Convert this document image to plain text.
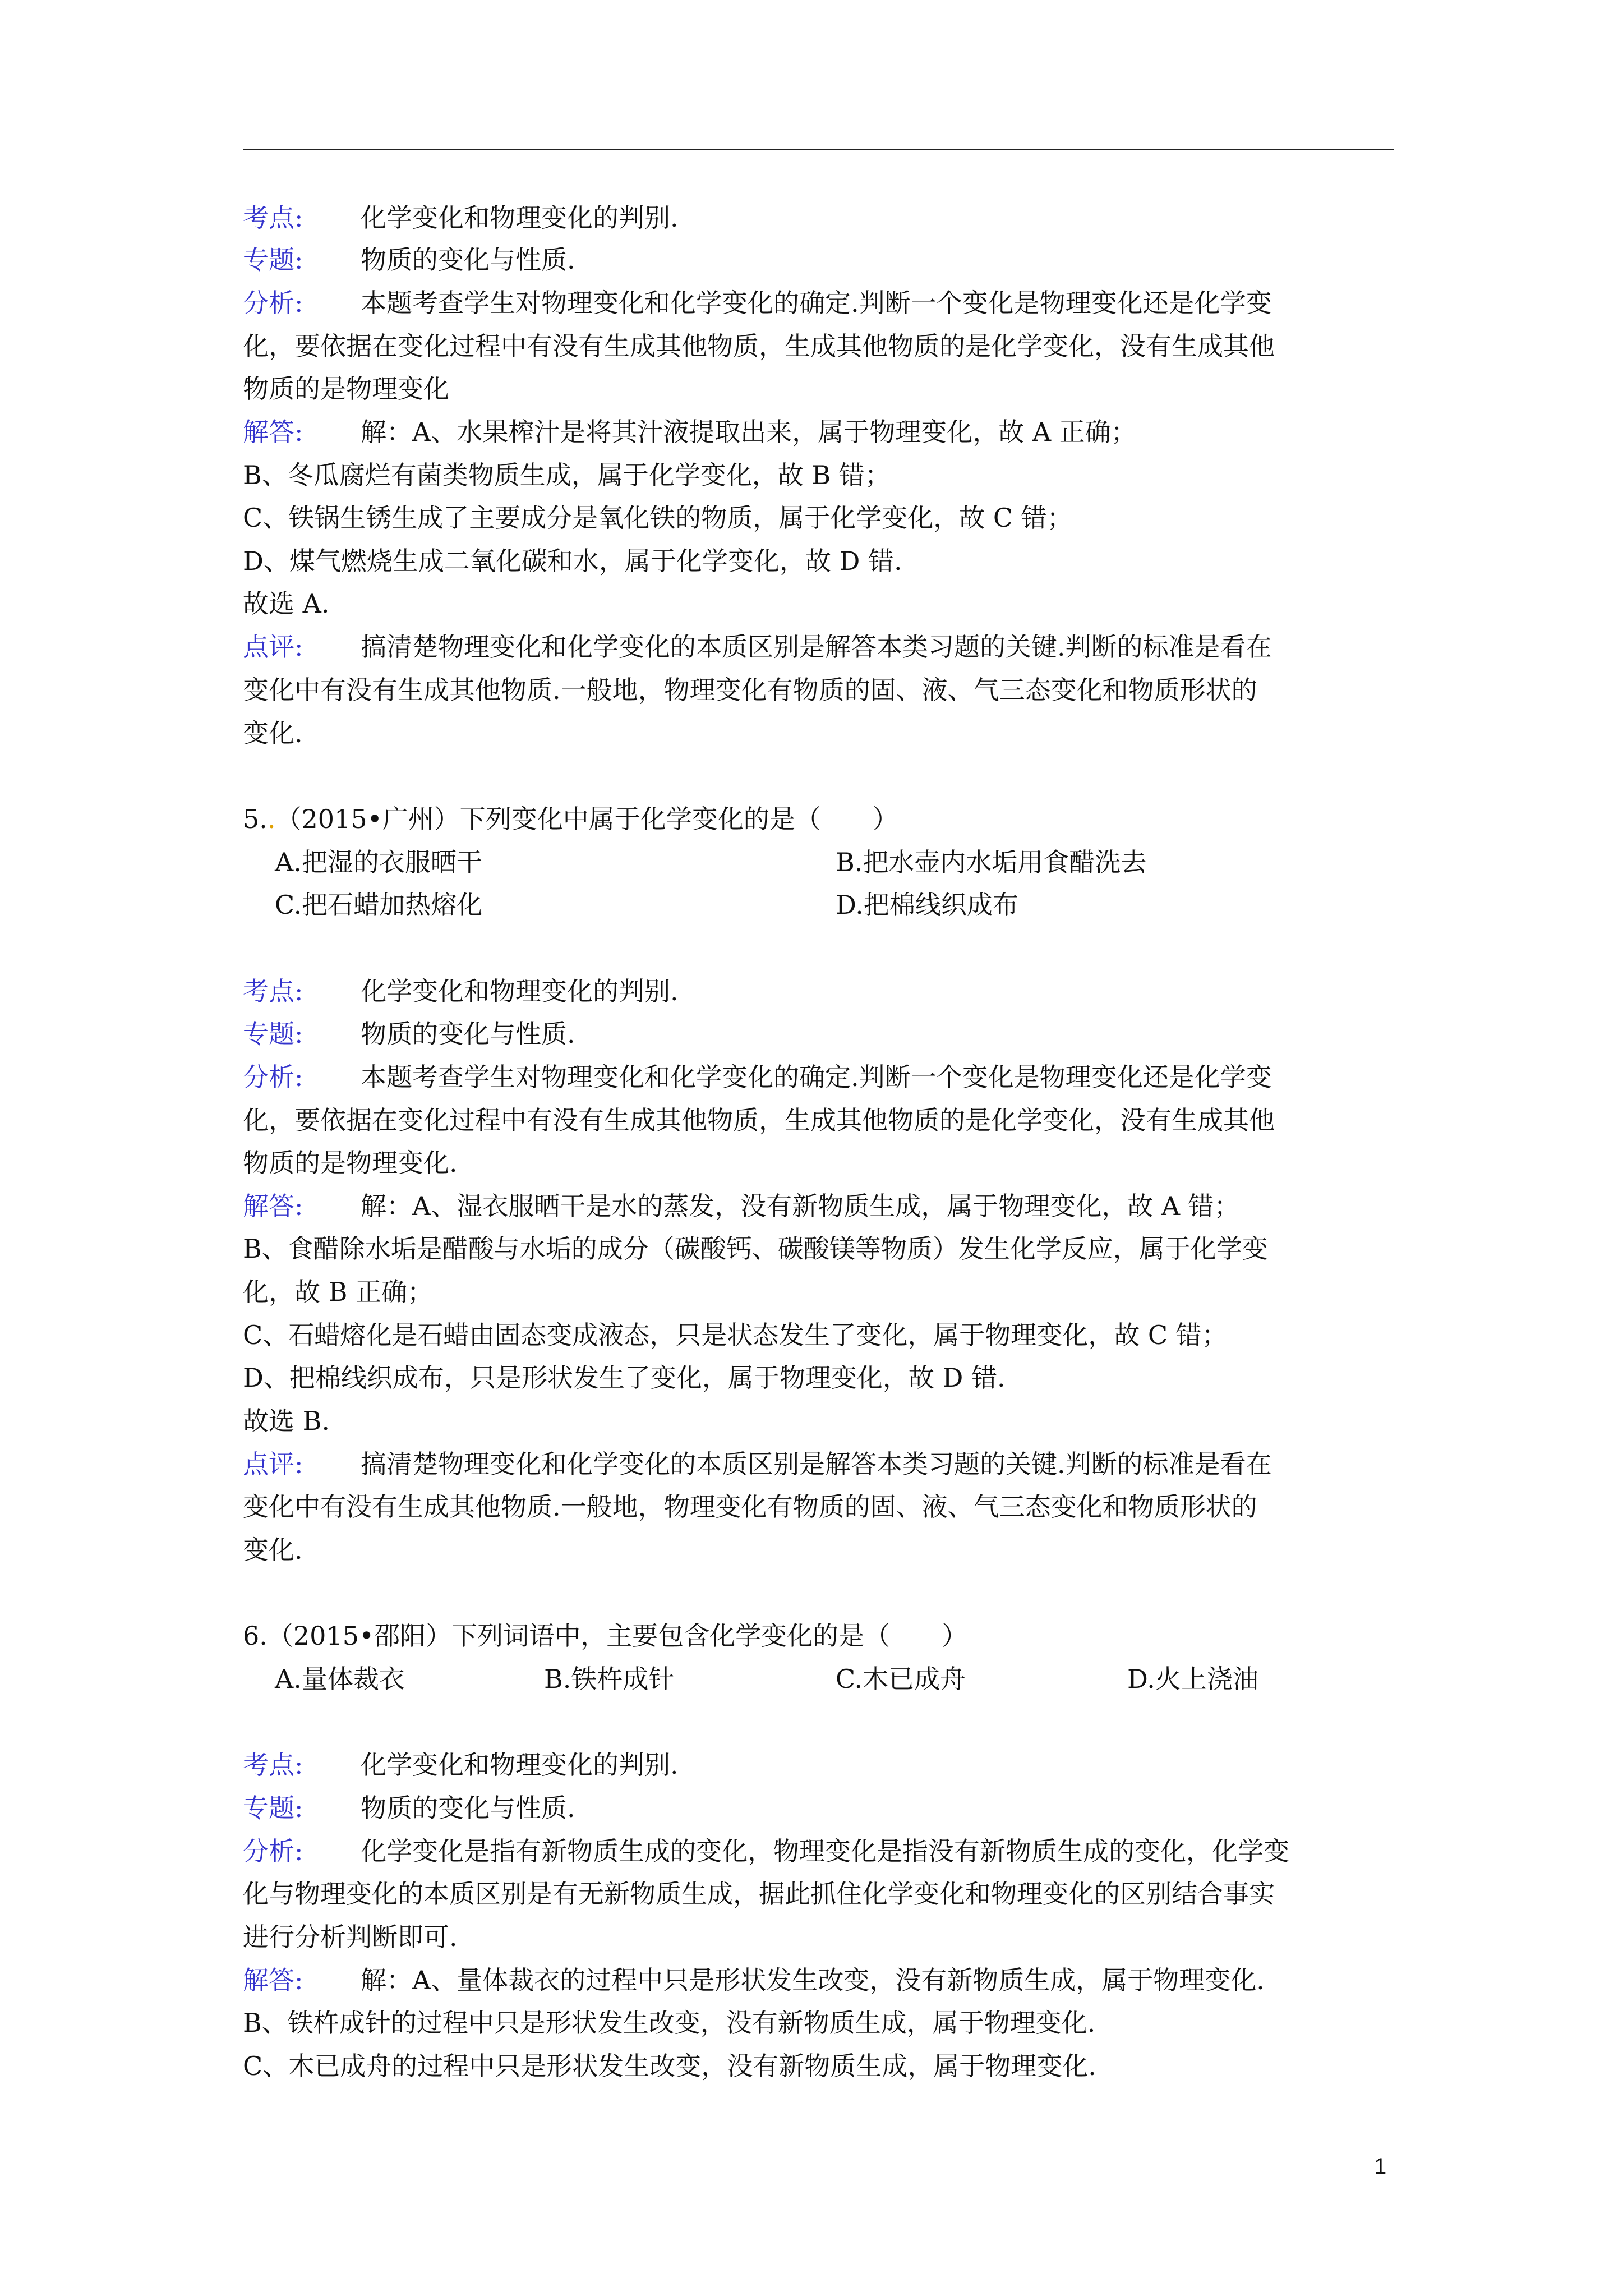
考点: 化学变化和物理变化的判别.
专题: 物质的变化与性质.
分析: 本题考查学生对物理变化和化学变化的确定.判断一个变化是物理变化还是化学变
化，要依据在变化过程中有没有生成其他物质，生成其他物质的是化学变化，没有生成其他
物质的是物理变化
解答: 解：A、水果榨汁是将其汁液提取出来，属于物理变化，故 A 正确；
B、冬瓜腐烂有菌类物质生成，属于化学变化，故 B 错；
C、铁锅生锈生成了主要成分是氧化铁的物质，属于化学变化，故 C 错；
D、煤气燃烧生成二氧化碳和水，属于化学变化，故 D 错.
故选 A.
点评: 搞清楚物理变化和化学变化的本质区别是解答本类习题的关键.判断的标准是看在
变化中有没有生成其他物质.一般地，物理变化有物质的固、液、气三态变化和物质形状的
变化.
5..（2015•广州）下列变化中属于化学变化的是（　　）
A.把湿的衣服晒干	B.把水壶内水垢用食醋洗去
C.把石蜡加热熔化	D.把棉线织成布
考点: 化学变化和物理变化的判别.
专题: 物质的变化与性质.
分析: 本题考查学生对物理变化和化学变化的确定.判断一个变化是物理变化还是化学变
化，要依据在变化过程中有没有生成其他物质，生成其他物质的是化学变化，没有生成其他
物质的是物理变化.
解答: 解：A、湿衣服晒干是水的蒸发，没有新物质生成，属于物理变化，故 A 错；
B、食醋除水垢是醋酸与水垢的成分（碳酸钙、碳酸镁等物质）发生化学反应，属于化学变
化，故 B 正确；
C、石蜡熔化是石蜡由固态变成液态，只是状态发生了变化，属于物理变化，故 C 错；
D、把棉线织成布，只是形状发生了变化，属于物理变化，故 D 错.
故选 B.
点评: 搞清楚物理变化和化学变化的本质区别是解答本类习题的关键.判断的标准是看在
变化中有没有生成其他物质.一般地，物理变化有物质的固、液、气三态变化和物质形状的
变化.
6.（2015•邵阳）下列词语中，主要包含化学变化的是（　　）
A.量体裁衣	B.铁杵成针	C.木已成舟	D.火上浇油
考点: 化学变化和物理变化的判别.
专题: 物质的变化与性质.
分析: 化学变化是指有新物质生成的变化，物理变化是指没有新物质生成的变化，化学变
化与物理变化的本质区别是有无新物质生成，据此抓住化学变化和物理变化的区别结合事实
进行分析判断即可.
解答: 解：A、量体裁衣的过程中只是形状发生改变，没有新物质生成，属于物理变化.
B、铁杵成针的过程中只是形状发生改变，没有新物质生成，属于物理变化.
C、木已成舟的过程中只是形状发生改变，没有新物质生成，属于物理变化.
1
